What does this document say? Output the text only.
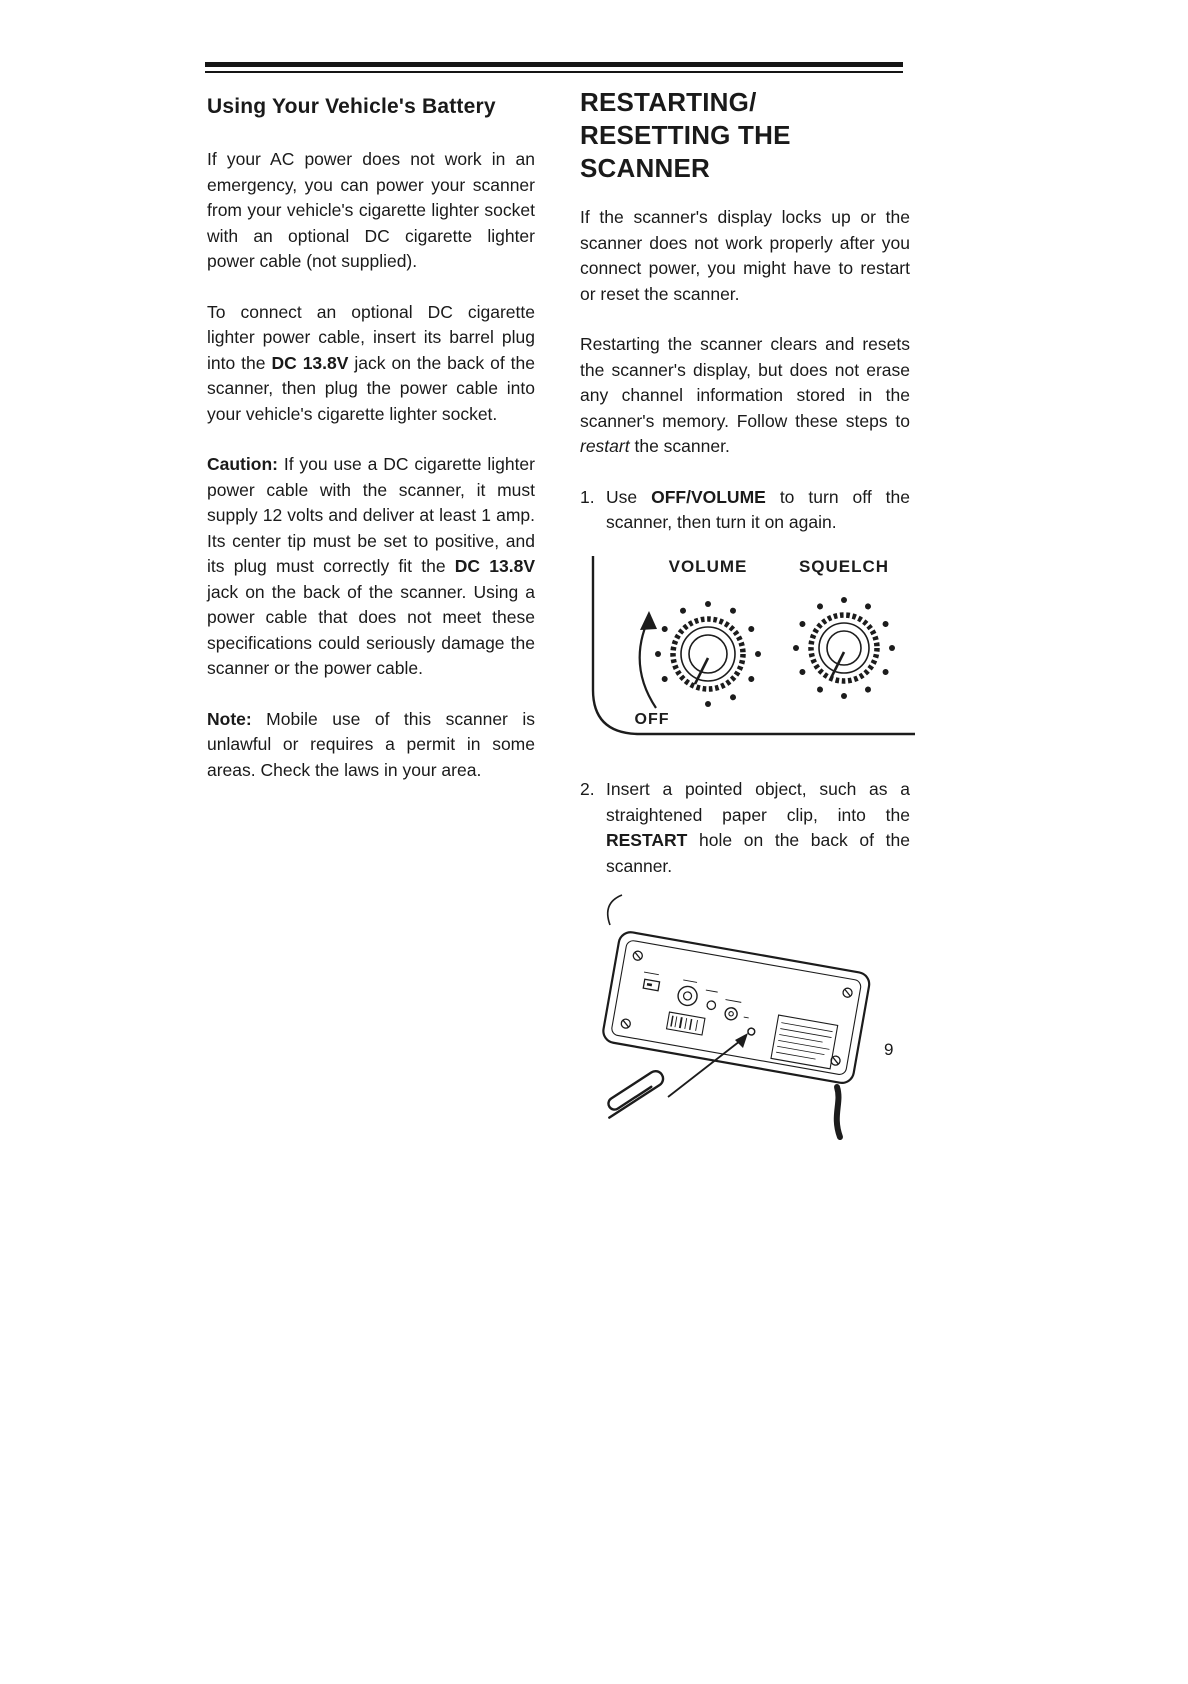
Using Your Vehicle's Battery

If your AC power does not work in an emergency, you can power your scanner from your vehicle's cigarette lighter socket with an optional DC cigarette lighter power cable (not supplied).

To connect an optional DC cigarette lighter power cable, insert its barrel plug into the DC 13.8V jack on the back of the scanner, then plug the power cable into your vehicle's cigarette lighter socket.

Caution: If you use a DC cigarette lighter power cable with the scanner, it must supply 12 volts and deliver at least 1 amp. Its center tip must be set to positive, and its plug must correctly fit the DC 13.8V jack on the back of the scanner. Using a power cable that does not meet these specifications could seriously damage the scanner or the power cable.

Note: Mobile use of this scanner is unlawful or requires a permit in some areas. Check the laws in your area.

RESTARTING/
RESETTING THE
SCANNER

If the scanner's display locks up or the scanner does not work properly after you connect power, you might have to restart or reset the scanner.

Restarting the scanner clears and resets the scanner's display, but does not erase any channel information stored in the scanner's memory. Follow these steps to restart the scanner.

1. Use OFF/VOLUME to turn off the scanner, then turn it on again.
VOLUME	SQUELCH
OFF
2. Insert a pointed object, such as a straightened paper clip, into the RESTART hole on the back of the scanner.
9
